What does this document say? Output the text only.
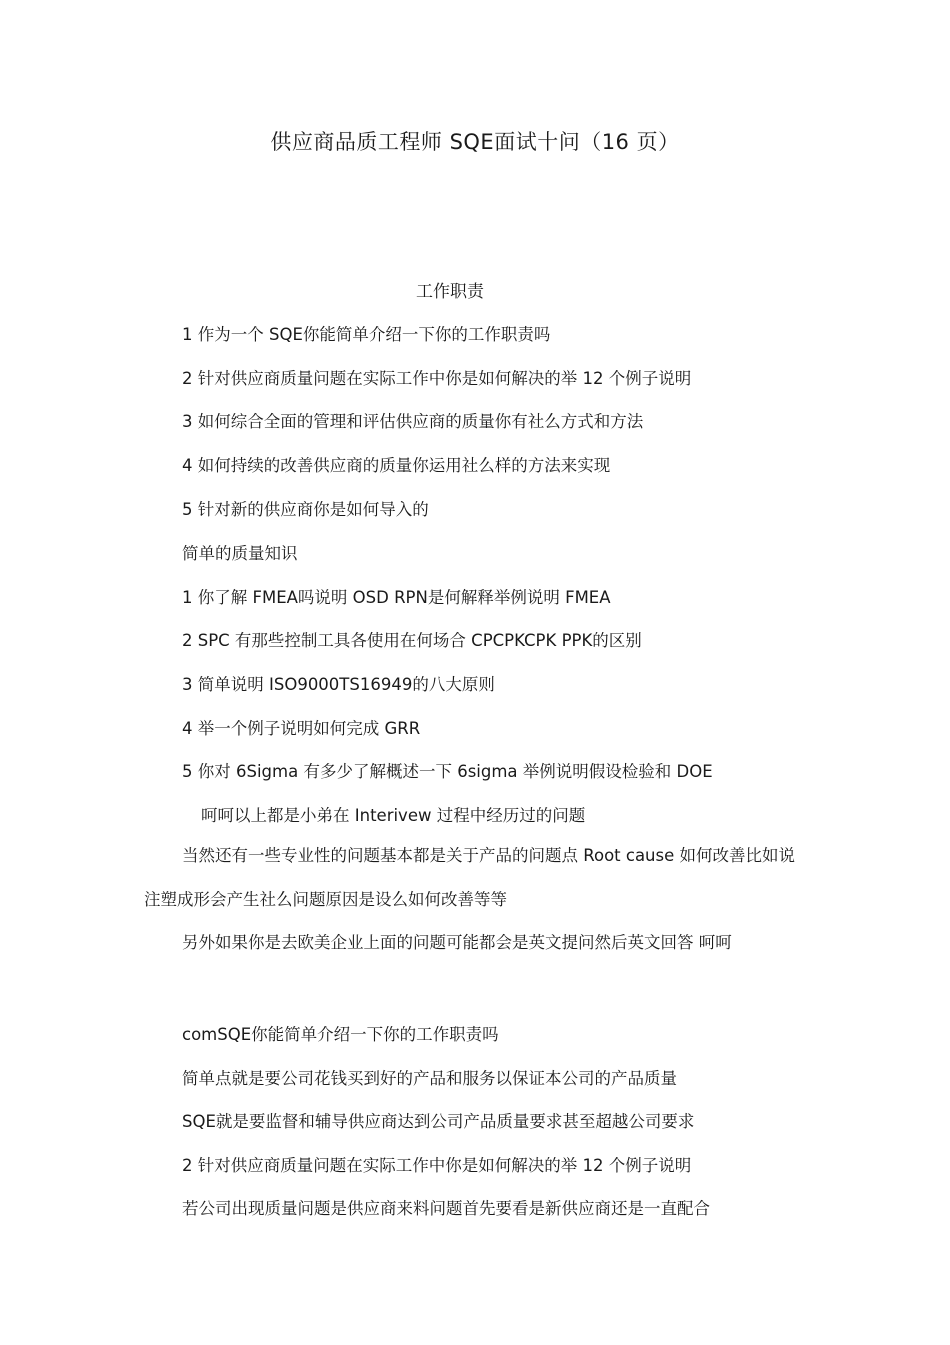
供应商品质工程师 SQE面试十问（16 页）
工作职责
1 作为一个 SQE你能简单介绍一下你的工作职责吗
2 针对供应商质量问题在实际工作中你是如何解决的举 12 个例子说明
3 如何综合全面的管理和评估供应商的质量你有社么方式和方法
4 如何持续的改善供应商的质量你运用社么样的方法来实现
5 针对新的供应商你是如何导入的
简单的质量知识
1 你了解 FMEA吗说明 OSD RPN是何解释举例说明 FMEA
2 SPC 有那些控制工具各使用在何场合 CPCPKCPK PPK的区别
3 简单说明 ISO9000TS16949的八大原则
4 举一个例子说明如何完成 GRR
5 你对 6Sigma 有多少了解概述一下 6sigma 举例说明假设检验和 DOE
呵呵以上都是小弟在 Interivew 过程中经历过的问题
当然还有一些专业性的问题基本都是关于产品的问题点 Root cause 如何改善比如说注塑成形会产生社么问题原因是设么如何改善等等
另外如果你是去欧美企业上面的问题可能都会是英文提问然后英文回答 呵呵
comSQE你能简单介绍一下你的工作职责吗
简单点就是要公司花钱买到好的产品和服务以保证本公司的产品质量
SQE就是要监督和辅导供应商达到公司产品质量要求甚至超越公司要求
2 针对供应商质量问题在实际工作中你是如何解决的举 12 个例子说明
若公司出现质量问题是供应商来料问题首先要看是新供应商还是一直配合
